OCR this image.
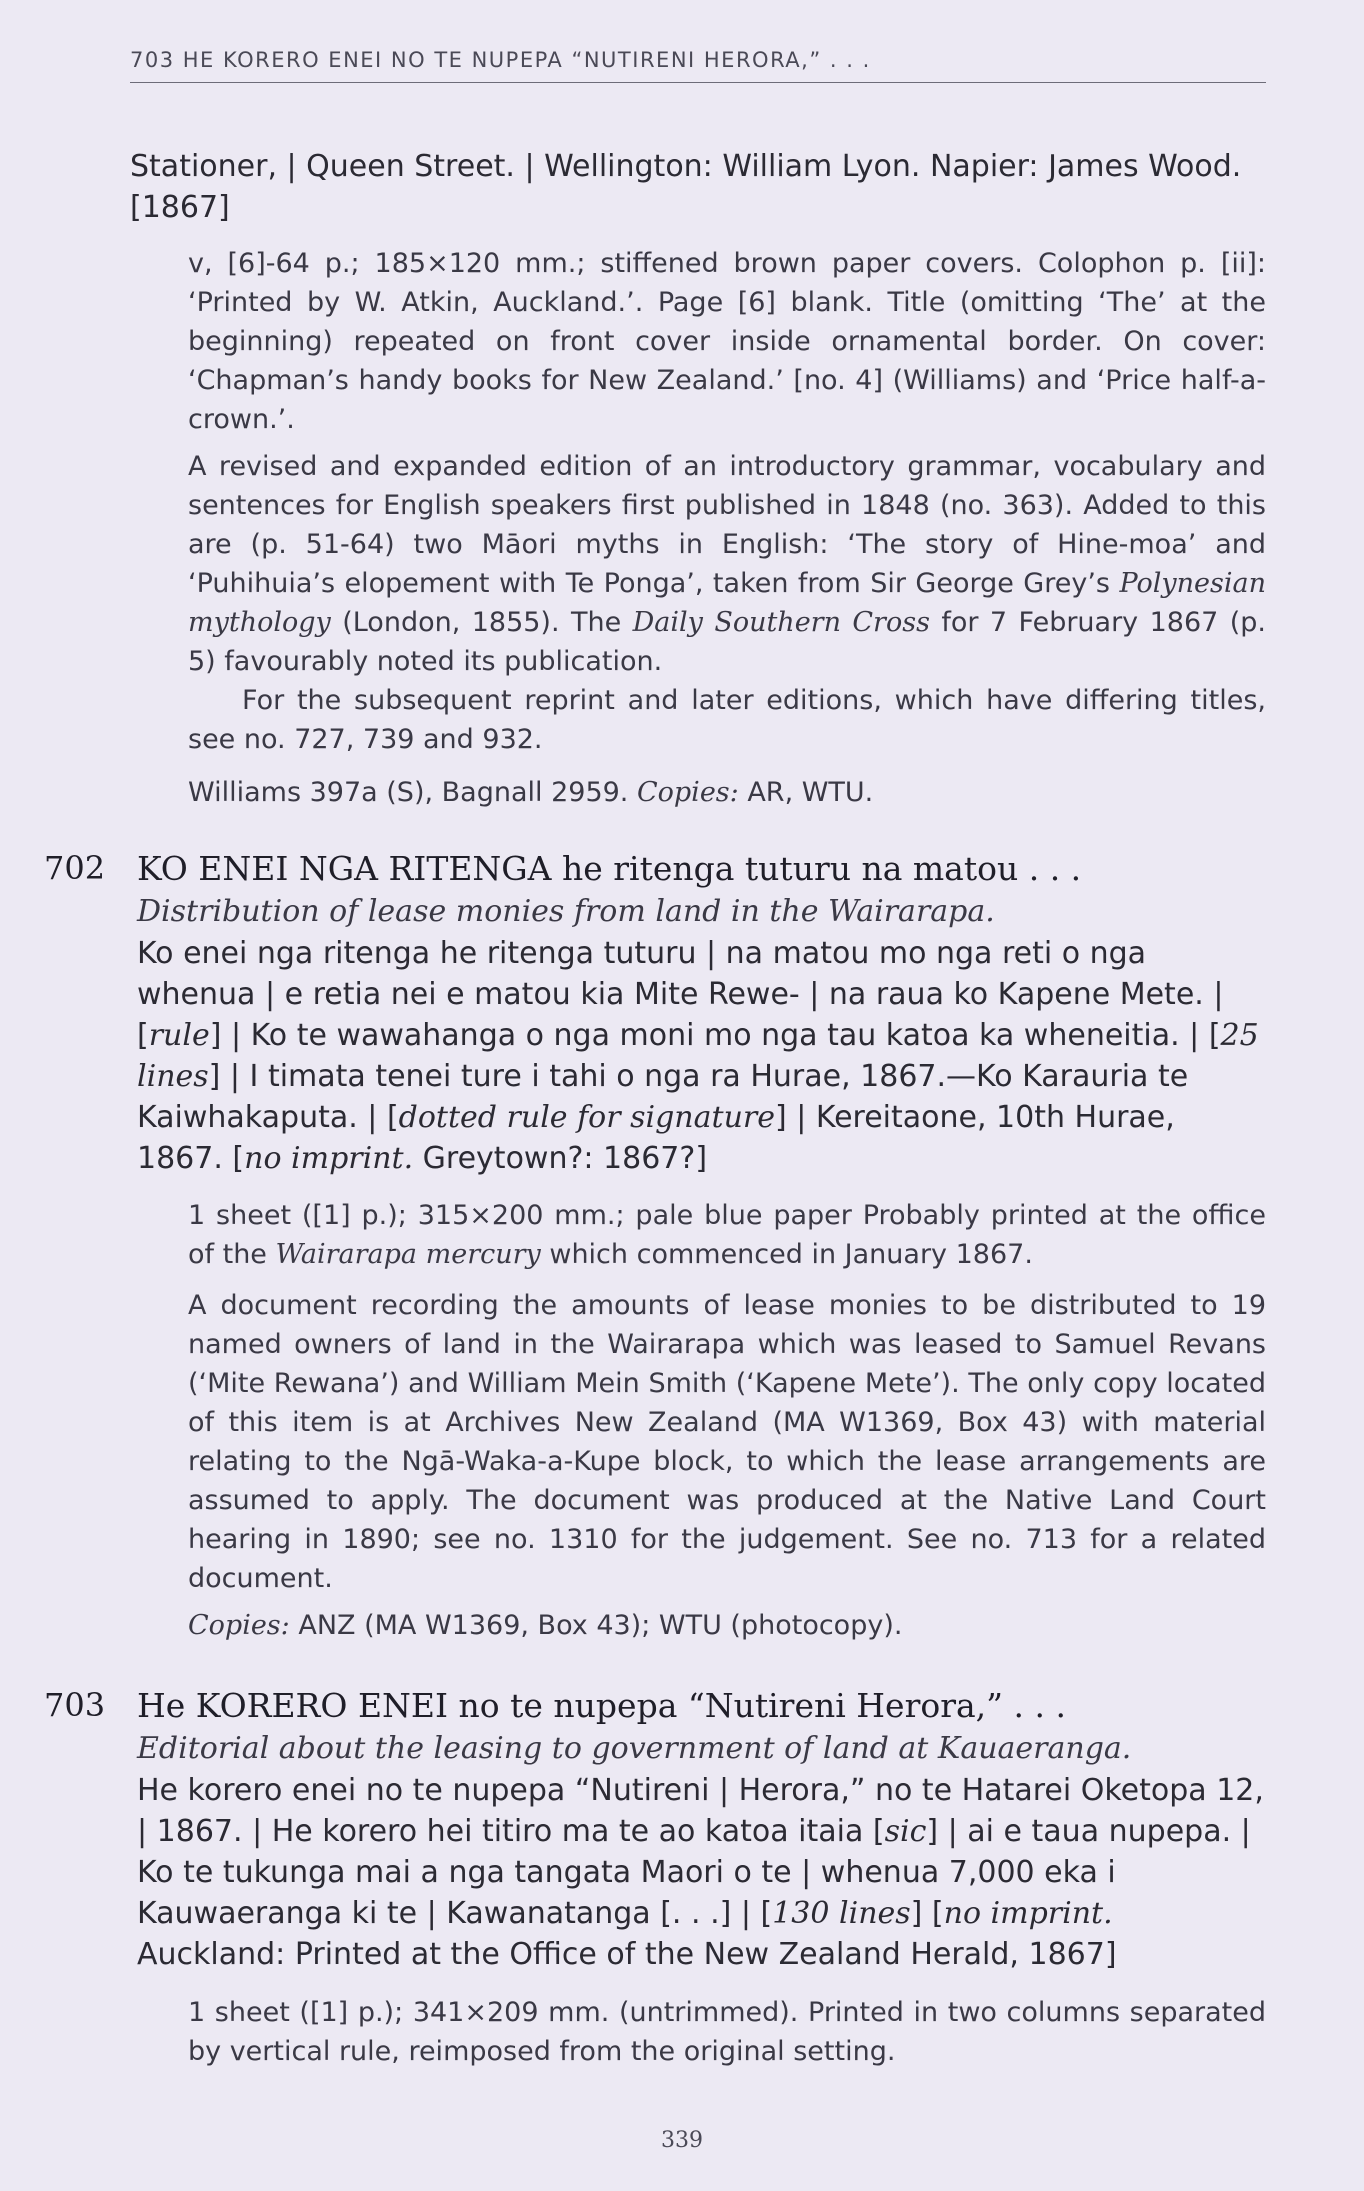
703 HE KORERO ENEI NO TE NUPEPA “NUTIRENI HERORA,” . . .
Stationer, | Queen Street. | Wellington: William Lyon. Napier: James Wood. [1867]

v, [6]-64 p.; 185×120 mm.; stiffened brown paper covers. Colophon p. [ii]: ‘Printed by W. Atkin, Auckland.’. Page [6] blank. Title (omitting ‘The’ at the beginning) repeated on front cover inside ornamental border. On cover: ‘Chapman’s handy books for New Zealand.’ [no. 4] (Williams) and ‘Price half-a-crown.’.

A revised and expanded edition of an introductory grammar, vocabulary and sentences for English speakers first published in 1848 (no. 363). Added to this are (p. 51-64) two Māori myths in English: ‘The story of Hine-moa’ and ‘Puhihuia’s elopement with Te Ponga’, taken from Sir George Grey’s Polynesian mythology (London, 1855). The Daily Southern Cross for 7 February 1867 (p. 5) favourably noted its publication.

For the subsequent reprint and later editions, which have differing titles, see no. 727, 739 and 932.

Williams 397a (S), Bagnall 2959. Copies: AR, WTU.

702 KO ENEI NGA RITENGA he ritenga tuturu na matou . . .
Distribution of lease monies from land in the Wairarapa.
Ko enei nga ritenga he ritenga tuturu | na matou mo nga reti o nga whenua | e retia nei e matou kia Mite Rewe- | na raua ko Kapene Mete. | [rule] | Ko te wawahanga o nga moni mo nga tau katoa ka wheneitia. | [25 lines] | I timata tenei ture i tahi o nga ra Hurae, 1867.—Ko Karauria te Kaiwhakaputa. | [dotted rule for signature] | Kereitaone, 10th Hurae, 1867. [no imprint. Greytown?: 1867?]

1 sheet ([1] p.); 315×200 mm.; pale blue paper Probably printed at the office of the Wairarapa mercury which commenced in January 1867.

A document recording the amounts of lease monies to be distributed to 19 named owners of land in the Wairarapa which was leased to Samuel Revans (‘Mite Rewana’) and William Mein Smith (‘Kapene Mete’). The only copy located of this item is at Archives New Zealand (MA W1369, Box 43) with material relating to the Ngā-Waka-a-Kupe block, to which the lease arrangements are assumed to apply. The document was produced at the Native Land Court hearing in 1890; see no. 1310 for the judgement. See no. 713 for a related document.

Copies: ANZ (MA W1369, Box 43); WTU (photocopy).

703 He KORERO ENEI no te nupepa “Nutireni Herora,” . . .
Editorial about the leasing to government of land at Kauaeranga.
He korero enei no te nupepa “Nutireni | Herora,” no te Hatarei Oketopa 12, | 1867. | He korero hei titiro ma te ao katoa itaia [sic] | ai e taua nupepa. | Ko te tukunga mai a nga tangata Maori o te | whenua 7,000 eka i Kauwaeranga ki te | Kawanatanga [. . .] | [130 lines] [no imprint. Auckland: Printed at the Office of the New Zealand Herald, 1867]

1 sheet ([1] p.); 341×209 mm. (untrimmed). Printed in two columns separated by vertical rule, reimposed from the original setting.

339
